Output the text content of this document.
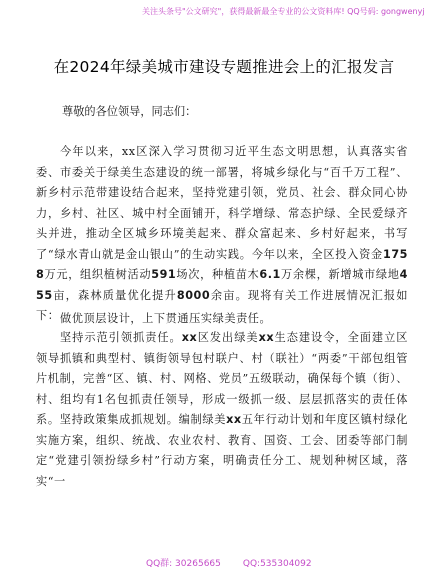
关注头条号"公文研究"，获得最新最全专业的公文资料库! QQ号码: gongwenyj
在2024年绿美城市建设专题推进会上的汇报发言
尊敬的各位领导，同志们：
今年以来，xx区深入学习贯彻习近平生态文明思想，认真落实省委、市委关于绿美生态建设的统一部署，将城乡绿化与“百千万工程”、新乡村示范带建设结合起来，坚持党建引领，党员、社会、群众同心协力，乡村、社区、城中村全面铺开，科学增绿、常态护绿、全民爱绿齐头并进，推动全区城乡环境美起来、群众富起来、乡村好起来，书写了“绿水青山就是金山银山”的生动实践。今年以来，全区投入资金1758万元，组织植树活动591场次，种植苗木6.1万余棵，新增城市绿地455亩，森林质量优化提升8000余亩。现将有关工作进展情况汇报如下： 做优顶层设计，上下贯通压实绿美责任。
坚持示范引领抓责任。xx区发出绿美xx生态建设令，全面建立区领导抓镇和典型村、镇街领导包村联户、村（联社）“两委”干部包组管片机制，完善“区、镇、村、网格、党员”五级联动，确保每个镇（街）、村、组均有1名包抓责任领导，形成一级抓一级、层层抓落实的责任体系。坚持政策集成抓规划。编制绿美xx五年行动计划和年度区镇村绿化实施方案，组织、统战、农业农村、教育、国资、工会、团委等部门制定“党建引领扮绿乡村”行动方案，明确责任分工、规划种树区域，落实“一
QQ群: 30265665 QQ:535304092
